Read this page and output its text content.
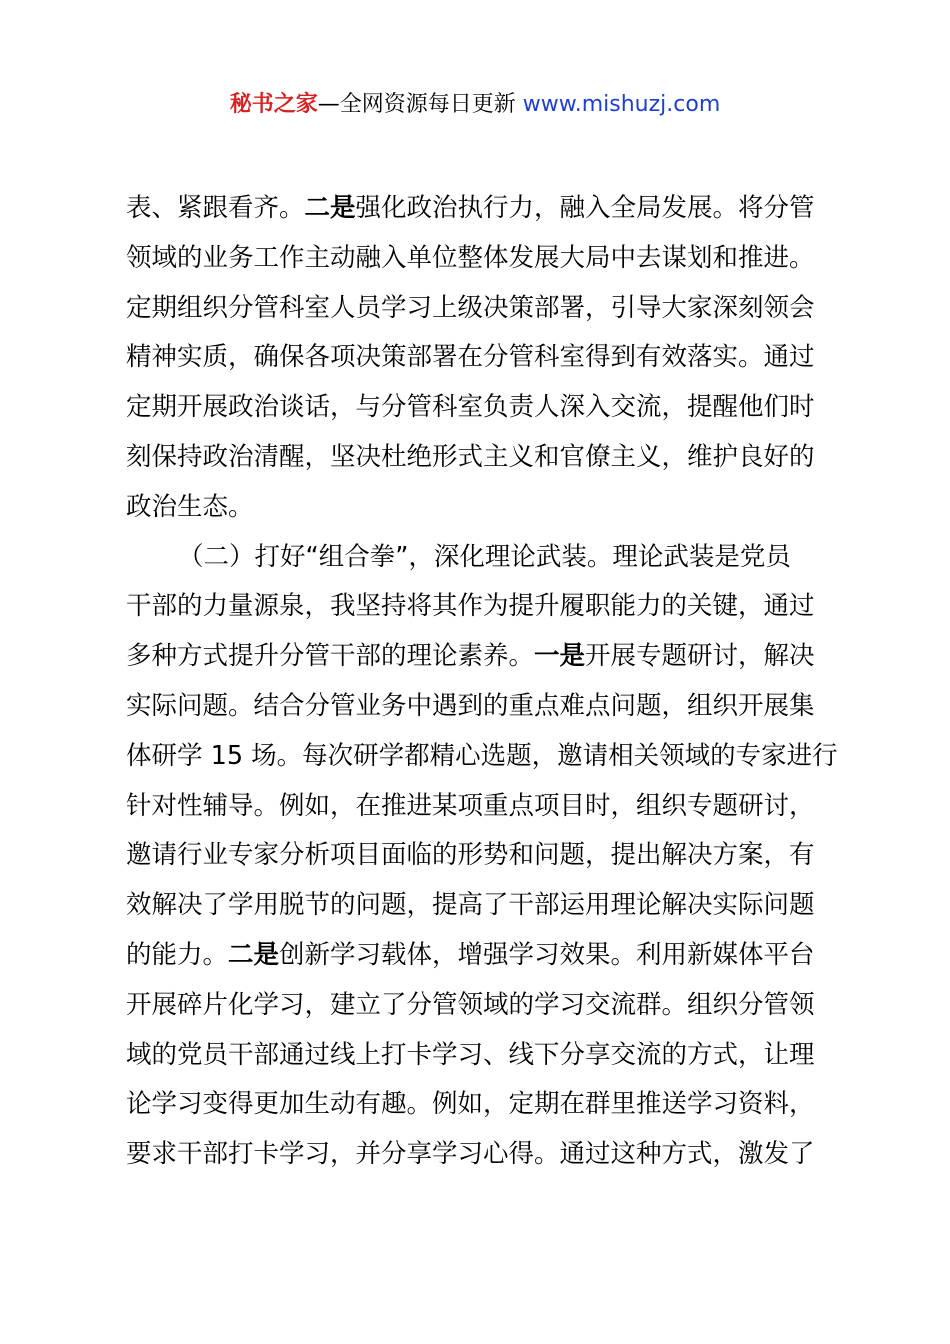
秘书之家—全网资源每日更新 www.mishuzj.com
表、紧跟看齐。二是强化政治执行力，融入全局发展。将分管
领域的业务工作主动融入单位整体发展大局中去谋划和推进。
定期组织分管科室人员学习上级决策部署，引导大家深刻领会
精神实质，确保各项决策部署在分管科室得到有效落实。通过
定期开展政治谈话，与分管科室负责人深入交流，提醒他们时
刻保持政治清醒，坚决杜绝形式主义和官僚主义，维护良好的
政治生态。
（二）打好“组合拳”，深化理论武装。理论武装是党员
干部的力量源泉，我坚持将其作为提升履职能力的关键，通过
多种方式提升分管干部的理论素养。一是开展专题研讨，解决
实际问题。结合分管业务中遇到的重点难点问题，组织开展集
体研学 15 场。每次研学都精心选题，邀请相关领域的专家进行
针对性辅导。例如，在推进某项重点项目时，组织专题研讨，
邀请行业专家分析项目面临的形势和问题，提出解决方案，有
效解决了学用脱节的问题，提高了干部运用理论解决实际问题
的能力。二是创新学习载体，增强学习效果。利用新媒体平台
开展碎片化学习，建立了分管领域的学习交流群。组织分管领
域的党员干部通过线上打卡学习、线下分享交流的方式，让理
论学习变得更加生动有趣。例如，定期在群里推送学习资料，
要求干部打卡学习，并分享学习心得。通过这种方式，激发了
